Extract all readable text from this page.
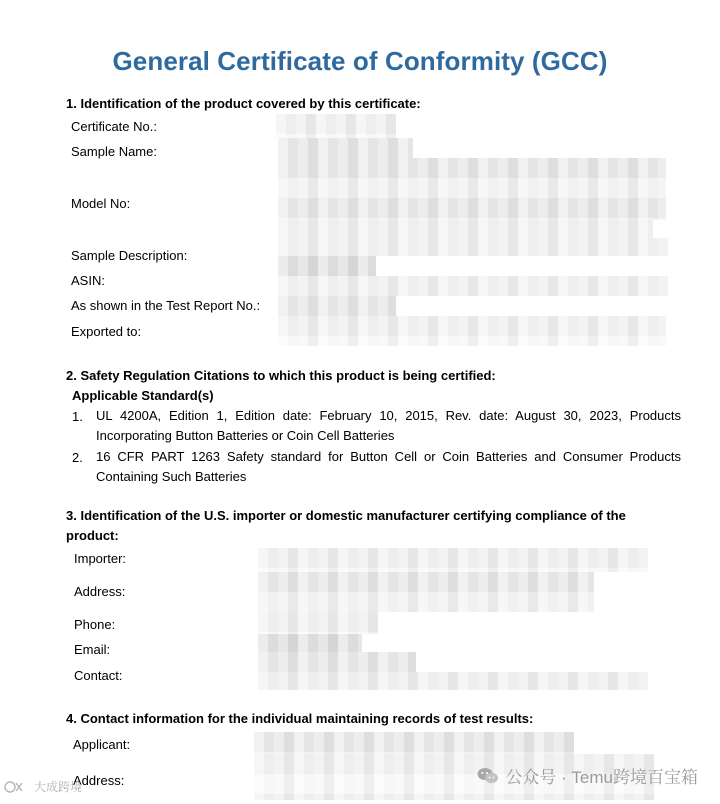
General Certificate of Conformity (GCC)
1. Identification of the product covered by this certificate:
Certificate No.:
Sample Name:
Model No:
Sample Description:
ASIN:
As shown in the Test Report No.:
Exported to:
2. Safety Regulation Citations to which this product is being certified:
Applicable Standard(s)
1. UL 4200A, Edition 1, Edition date: February 10, 2015, Rev. date: August 30, 2023, Products Incorporating Button Batteries or Coin Cell Batteries
2. 16 CFR PART 1263 Safety standard for Button Cell or Coin Batteries and Consumer Products Containing Such Batteries
3. Identification of the U.S. importer or domestic manufacturer certifying compliance of the product:
Importer:
Address:
Phone:
Email:
Contact:
4. Contact information for the individual maintaining records of test results:
Applicant:
Address:
大成跨境	公众号 · Temu跨境百宝箱
